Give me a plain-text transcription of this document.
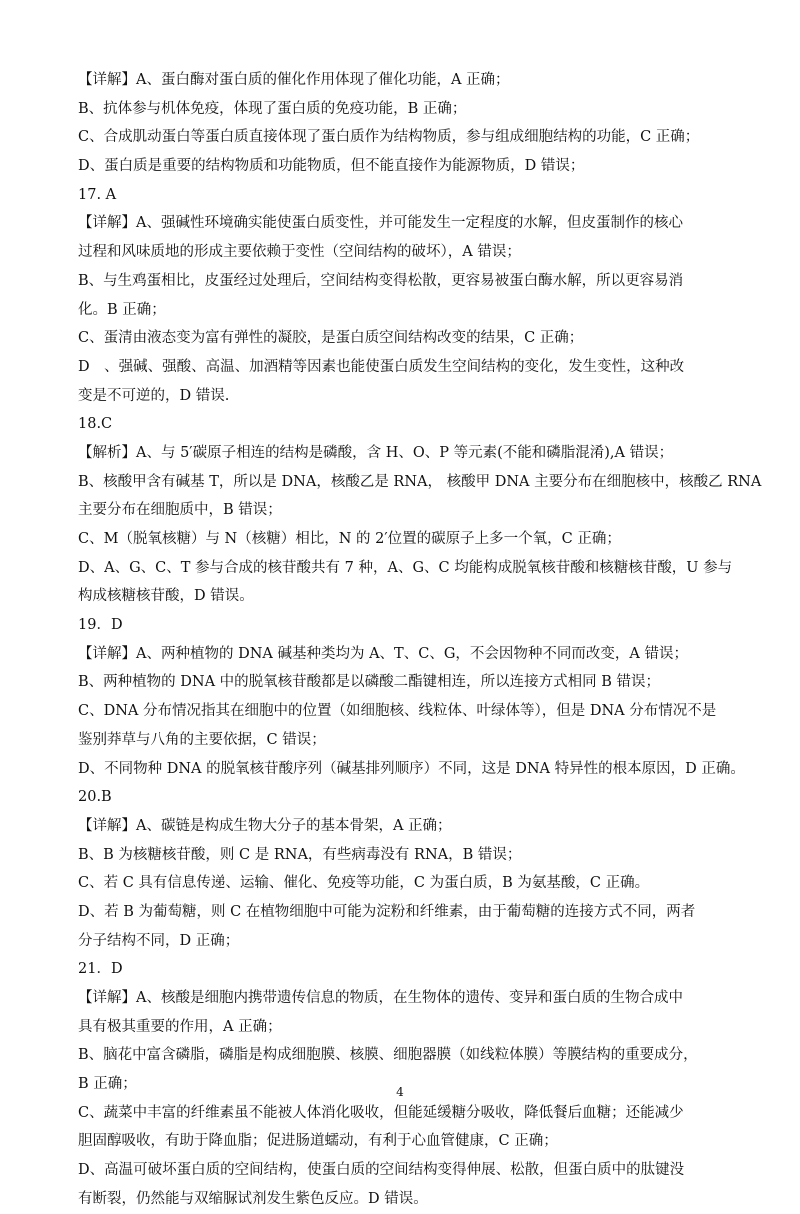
【详解】A、蛋白酶对蛋白质的催化作用体现了催化功能，A 正确；
B、抗体参与机体免疫，体现了蛋白质的免疫功能，B 正确；
C、合成肌动蛋白等蛋白质直接体现了蛋白质作为结构物质，参与组成细胞结构的功能，C 正确；
D、蛋白质是重要的结构物质和功能物质，但不能直接作为能源物质，D 错误；
17. A
【详解】A、强碱性环境确实能使蛋白质变性，并可能发生一定程度的水解，但皮蛋制作的核心
过程和风味质地的形成主要依赖于变性（空间结构的破坏），A 错误；
B、与生鸡蛋相比，皮蛋经过处理后，空间结构变得松散，更容易被蛋白酶水解，所以更容易消
化。B 正确；
C、蛋清由液态变为富有弹性的凝胶，是蛋白质空间结构改变的结果，C 正确；
D　、强碱、强酸、高温、加酒精等因素也能使蛋白质发生空间结构的变化，发生变性，这种改
变是不可逆的，D 错误.
18.C
【解析】A、与 5′碳原子相连的结构是磷酸，含 H、O、P 等元素(不能和磷脂混淆),A 错误；
B、核酸甲含有碱基 T，所以是 DNA，核酸乙是 RNA， 核酸甲 DNA 主要分布在细胞核中，核酸乙 RNA
主要分布在细胞质中，B 错误；
C、M（脱氧核糖）与 N（核糖）相比，N 的 2′位置的碳原子上多一个氧，C 正确；
D、A、G、C、T 参与合成的核苷酸共有 7 种，A、G、C 均能构成脱氧核苷酸和核糖核苷酸，U 参与
构成核糖核苷酸，D 错误。
19．D
【详解】A、两种植物的 DNA 碱基种类均为 A、T、C、G，不会因物种不同而改变，A 错误；
B、两种植物的 DNA 中的脱氧核苷酸都是以磷酸二酯键相连，所以连接方式相同 B 错误；
C、DNA 分布情况指其在细胞中的位置（如细胞核、线粒体、叶绿体等），但是 DNA 分布情况不是
鉴别莽草与八角的主要依据，C 错误；
D、不同物种 DNA 的脱氧核苷酸序列（碱基排列顺序）不同，这是 DNA 特异性的根本原因，D 正确。
20.B
【详解】A、碳链是构成生物大分子的基本骨架，A 正确；
B、B 为核糖核苷酸，则 C 是 RNA，有些病毒没有 RNA，B 错误；
C、若 C 具有信息传递、运输、催化、免疫等功能，C 为蛋白质，B 为氨基酸，C 正确。
D、若 B 为葡萄糖，则 C 在植物细胞中可能为淀粉和纤维素，由于葡萄糖的连接方式不同，两者
分子结构不同，D 正确；
21．D
【详解】A、核酸是细胞内携带遗传信息的物质，在生物体的遗传、变异和蛋白质的生物合成中
具有极其重要的作用，A 正确；
B、脑花中富含磷脂，磷脂是构成细胞膜、核膜、细胞器膜（如线粒体膜）等膜结构的重要成分，
B 正确；
C、蔬菜中丰富的纤维素虽不能被人体消化吸收，但能延缓糖分吸收，降低餐后血糖；还能减少
胆固醇吸收，有助于降血脂；促进肠道蠕动，有利于心血管健康，C 正确；
D、高温可破坏蛋白质的空间结构，使蛋白质的空间结构变得伸展、松散，但蛋白质中的肽键没
有断裂，仍然能与双缩脲试剂发生紫色反应。D 错误。
4
